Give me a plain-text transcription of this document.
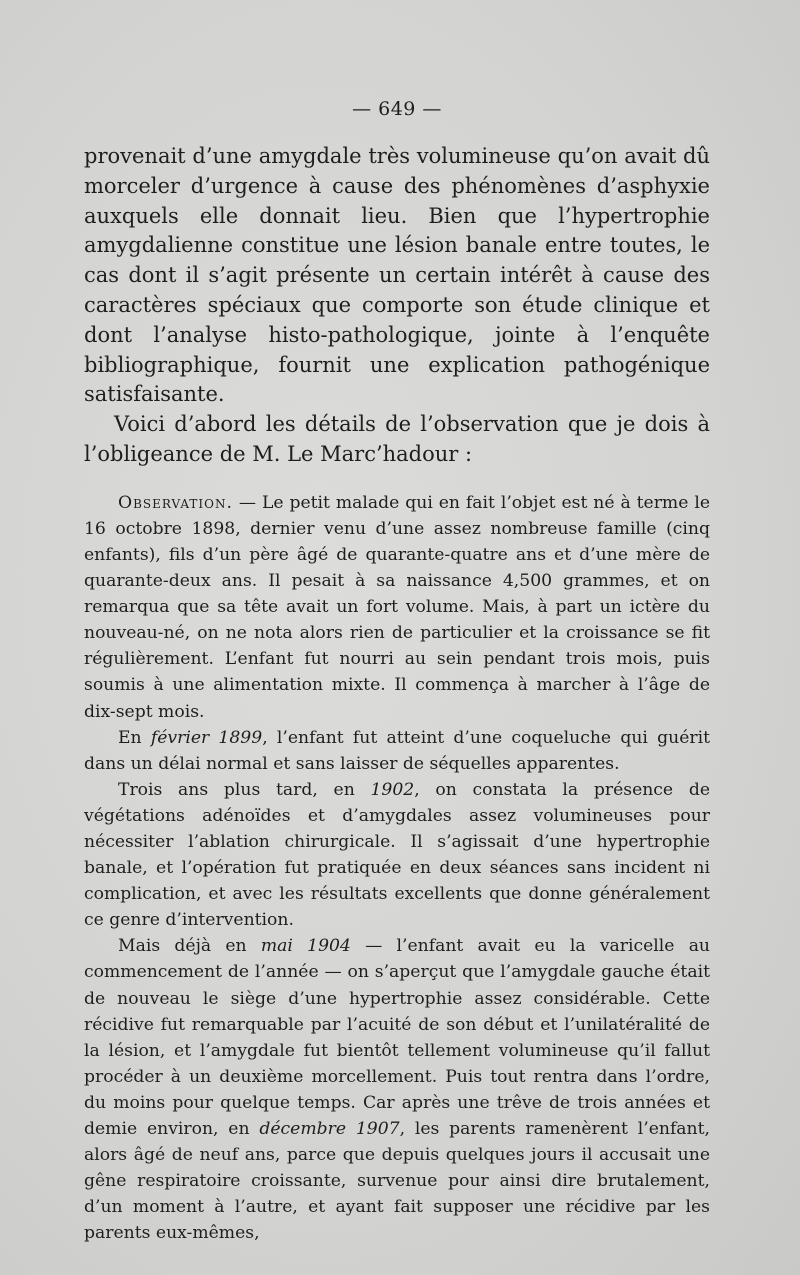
— 649 —

provenait d’une amygdale très volumineuse qu’on avait dû morceler d’urgence à cause des phénomènes d’asphyxie auxquels elle donnait lieu. Bien que l’hypertrophie amygdalienne constitue une lésion banale entre toutes, le cas dont il s’agit présente un certain intérêt à cause des caractères spéciaux que comporte son étude clinique et dont l’analyse histo-pathologique, jointe à l’enquête bibliographique, fournit une explication pathogénique satisfaisante.

Voici d’abord les détails de l’observation que je dois à l’obligeance de M. Le Marc’hadour :

Observation. — Le petit malade qui en fait l’objet est né à terme le 16 octobre 1898, dernier venu d’une assez nombreuse famille (cinq enfants), fils d’un père âgé de quarante-quatre ans et d’une mère de quarante-deux ans. Il pesait à sa naissance 4,500 grammes, et on remarqua que sa tête avait un fort volume. Mais, à part un ictère du nouveau-né, on ne nota alors rien de particulier et la croissance se fit régulièrement. L’enfant fut nourri au sein pendant trois mois, puis soumis à une alimentation mixte. Il commença à marcher à l’âge de dix-sept mois.

En février 1899, l’enfant fut atteint d’une coqueluche qui guérit dans un délai normal et sans laisser de séquelles apparentes.

Trois ans plus tard, en 1902, on constata la présence de végétations adénoïdes et d’amygdales assez volumineuses pour nécessiter l’ablation chirurgicale. Il s’agissait d’une hypertrophie banale, et l’opération fut pratiquée en deux séances sans incident ni complication, et avec les résultats excellents que donne généralement ce genre d’intervention.

Mais déjà en mai 1904 — l’enfant avait eu la varicelle au commencement de l’année — on s’aperçut que l’amygdale gauche était de nouveau le siège d’une hypertrophie assez considérable. Cette récidive fut remarquable par l’acuité de son début et l’unilatéralité de la lésion, et l’amygdale fut bientôt tellement volumineuse qu’il fallut procéder à un deuxième morcellement. Puis tout rentra dans l’ordre, du moins pour quelque temps. Car après une trêve de trois années et demie environ, en décembre 1907, les parents ramenèrent l’enfant, alors âgé de neuf ans, parce que depuis quelques jours il accusait une gêne respiratoire croissante, survenue pour ainsi dire brutalement, d’un moment à l’autre, et ayant fait supposer une récidive par les parents eux-mêmes,
